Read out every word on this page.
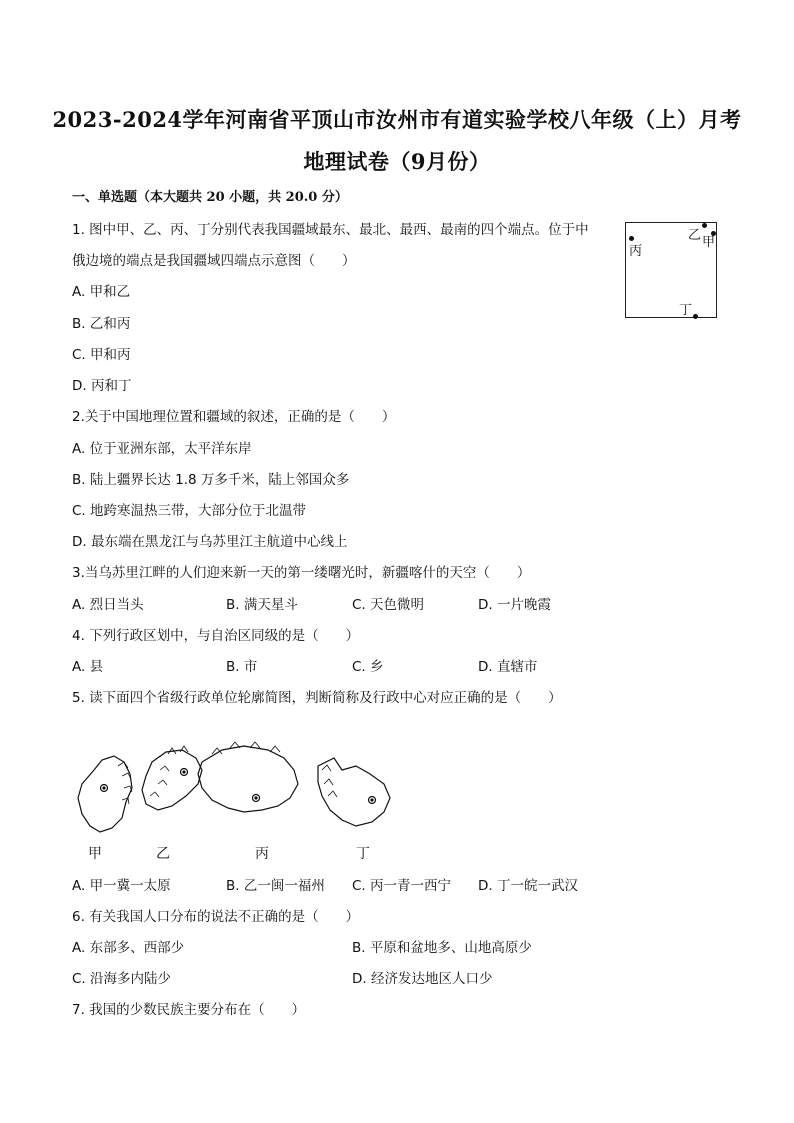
2023-2024学年河南省平顶山市汝州市有道实验学校八年级（上）月考
地理试卷（9月份）
一、单选题（本大题共 20 小题，共 20.0 分）
1. 图中甲、乙、丙、丁分别代表我国疆域最东、最北、最西、最南的四个端点。位于中
俄边境的端点是我国疆域四端点示意图（　　）
A. 甲和乙
B. 乙和丙
C. 甲和丙
D. 丙和丁
丙
乙 甲
丁
2.关于中国地理位置和疆域的叙述，正确的是（　　）
A. 位于亚洲东部，太平洋东岸
B. 陆上疆界长达 1.8 万多千米，陆上邻国众多
C. 地跨寒温热三带，大部分位于北温带
D. 最东端在黑龙江与乌苏里江主航道中心线上
3.当乌苏里江畔的人们迎来新一天的第一缕曙光时，新疆喀什的天空（　　）
A. 烈日当头	B. 满天星斗	C. 天色微明	D. 一片晚霞
4. 下列行政区划中，与自治区同级的是（　　）
A. 县	B. 市	C. 乡	D. 直辖市
5. 读下面四个省级行政单位轮廓简图，判断简称及行政中心对应正确的是（　　）
甲	乙	丙	丁
A. 甲一冀一太原	B. 乙一闽一福州 C. 丙一青一西宁 D. 丁一皖一武汉
6. 有关我国人口分布的说法不正确的是（　　）
A. 东部多、西部少	B. 平原和盆地多、山地高原少
C. 沿海多内陆少	D. 经济发达地区人口少
7. 我国的少数民族主要分布在（　　）
